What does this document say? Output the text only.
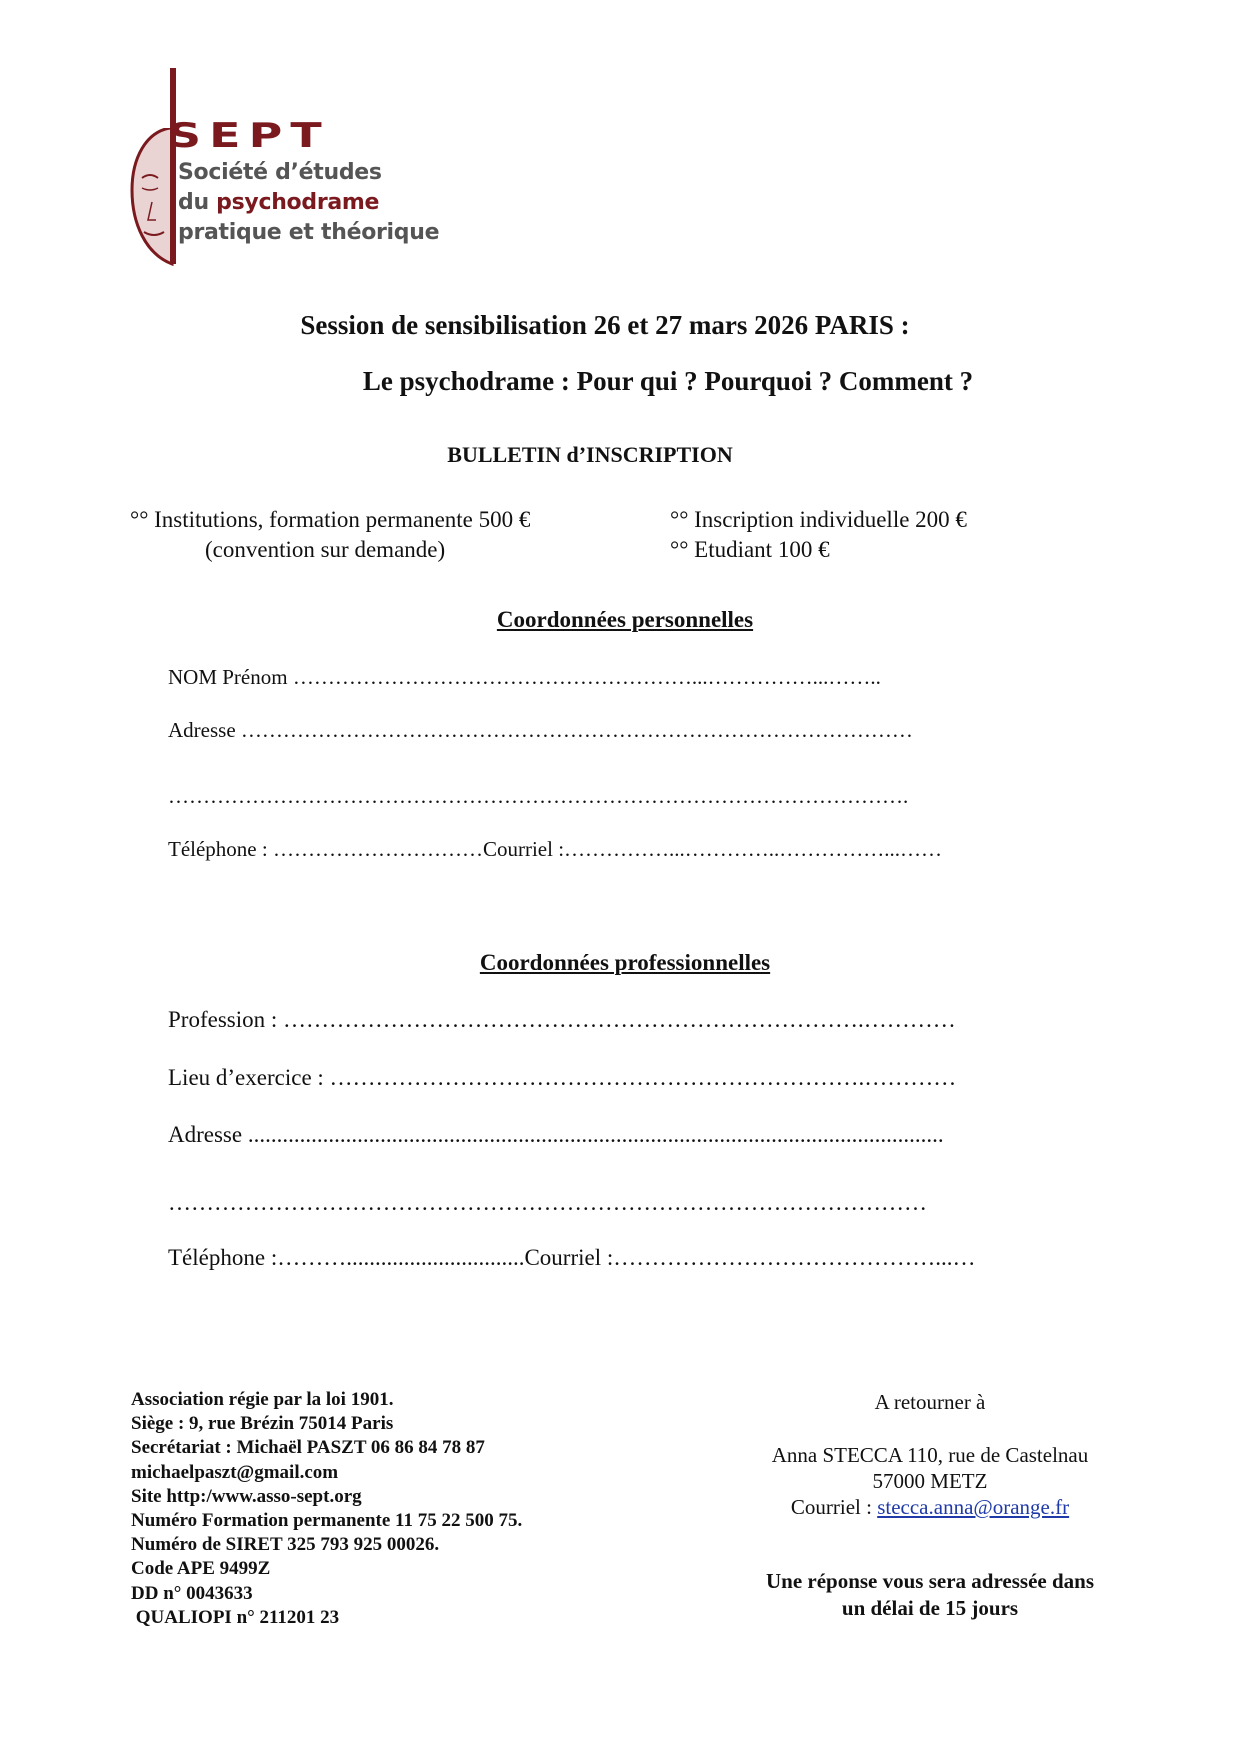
SEPT
Société d’études
du psychodrame
pratique et théorique
Session de sensibilisation 26 et 27 mars 2026 PARIS :
Le psychodrame : Pour qui ? Pourquoi ? Comment ?
BULLETIN d’INSCRIPTION
°° Institutions, formation permanente 500 €
(convention sur demande)
°° Inscription individuelle 200 €
°° Etudiant 100 €
Coordonnées personnelles
NOM Prénom …………………………………………………...……………...……..
Adresse ……………………………………………………………………………………
…………………………………………………………………………………………….
Téléphone : …………………………Courriel :……………...…………..……………...……
Coordonnées professionnelles
Profession : ………………………………………………………………….…………
Lieu d’exercice : …………………………………………………………….…………
Adresse .........................................................................................................................
………………………………………………………………………………………
Téléphone :………...............................Courriel :……………………………………...…
Association régie par la loi 1901.
Siège : 9, rue Brézin 75014 Paris
Secrétariat : Michaël PASZT 06 86 84 78 87
michaelpaszt@gmail.com
Site http:/www.asso-sept.org
Numéro Formation permanente 11 75 22 500 75.
Numéro de SIRET 325 793 925 00026.
Code APE 9499Z
DD n° 0043633
QUALIOPI n° 211201 23
A retourner à
Anna STECCA 110, rue de Castelnau
57000 METZ
Courriel : stecca.anna@orange.fr
Une réponse vous sera adressée dans
un délai de 15 jours
